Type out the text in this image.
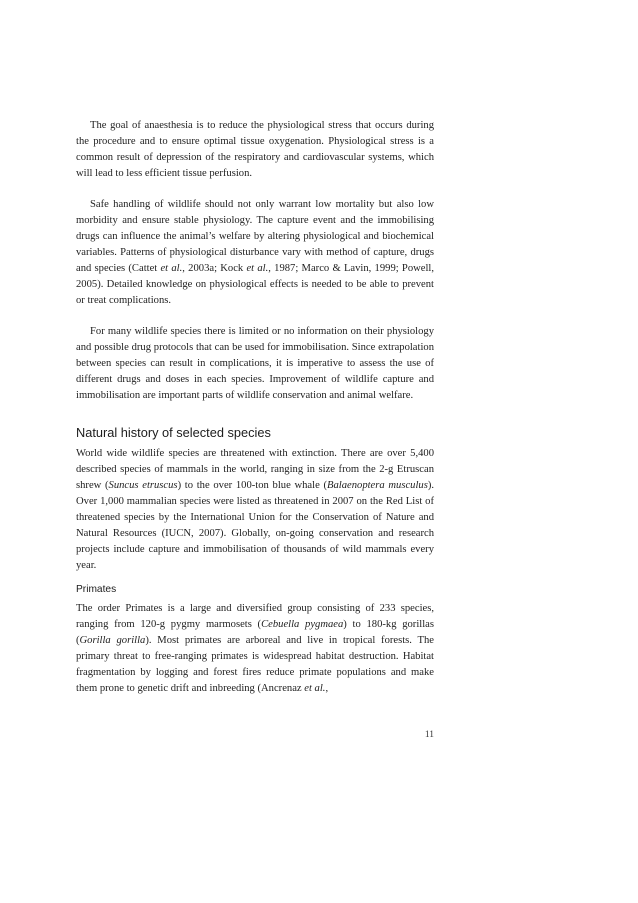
The goal of anaesthesia is to reduce the physiological stress that occurs during the procedure and to ensure optimal tissue oxygenation. Physiological stress is a common result of depression of the respiratory and cardiovascular systems, which will lead to less efficient tissue perfusion.

Safe handling of wildlife should not only warrant low mortality but also low morbidity and ensure stable physiology. The capture event and the immobilising drugs can influence the animal’s welfare by altering physiological and biochemical variables. Patterns of physiological disturbance vary with method of capture, drugs and species (Cattet et al., 2003a; Kock et al., 1987; Marco & Lavin, 1999; Powell, 2005). Detailed knowledge on physiological effects is needed to be able to prevent or treat complications.

For many wildlife species there is limited or no information on their physiology and possible drug protocols that can be used for immobilisation. Since extrapolation between species can result in complications, it is imperative to assess the use of different drugs and doses in each species. Improvement of wildlife capture and immobilisation are important parts of wildlife conservation and animal welfare.

Natural history of selected species

World wide wildlife species are threatened with extinction. There are over 5,400 described species of mammals in the world, ranging in size from the 2-g Etruscan shrew (Suncus etruscus) to the over 100-ton blue whale (Balaenoptera musculus). Over 1,000 mammalian species were listed as threatened in 2007 on the Red List of threatened species by the International Union for the Conservation of Nature and Natural Resources (IUCN, 2007). Globally, on-going conservation and research projects include capture and immobilisation of thousands of wild mammals every year.

Primates

The order Primates is a large and diversified group consisting of 233 species, ranging from 120-g pygmy marmosets (Cebuella pygmaea) to 180-kg gorillas (Gorilla gorilla). Most primates are arboreal and live in tropical forests. The primary threat to free-ranging primates is widespread habitat destruction. Habitat fragmentation by logging and forest fires reduce primate populations and make them prone to genetic drift and inbreeding (Ancrenaz et al.,

11
